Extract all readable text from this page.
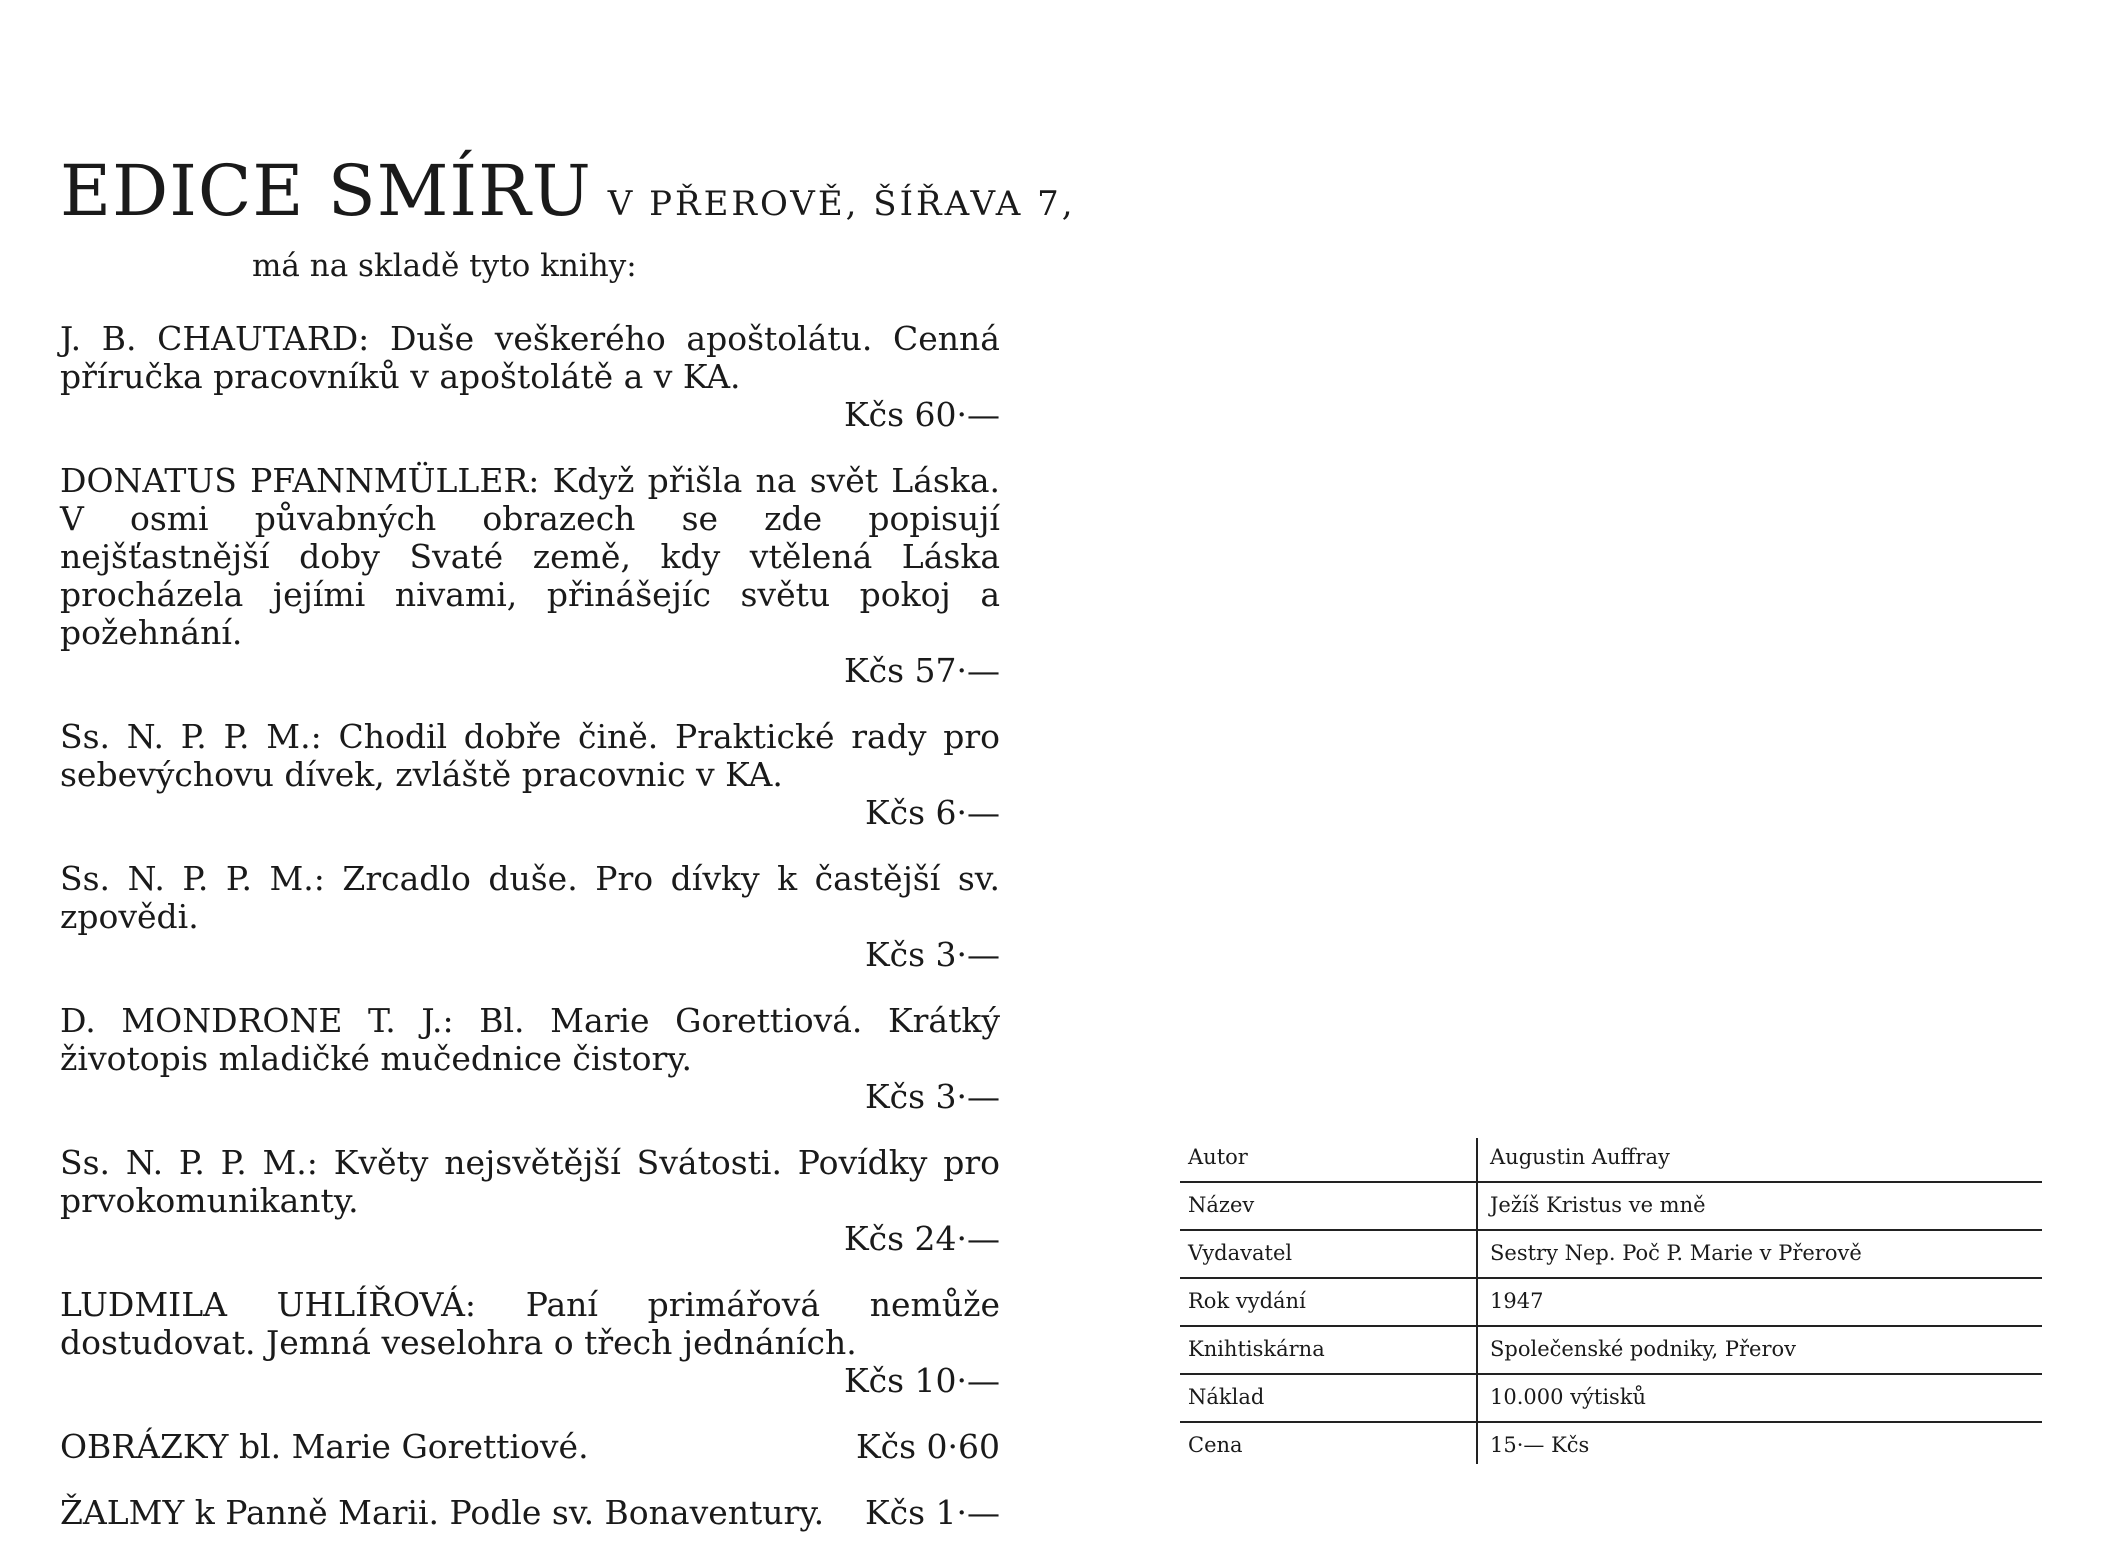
EDICE SMÍRU V PŘEROVĚ, ŠÍŘAVA 7,
má na skladě tyto knihy:
J. B. CHAUTARD: Duše veškerého apoštolátu. Cenná příručka pracovníků v apoštolátě a v KA.
Kčs 60·—
DONATUS PFANNMÜLLER: Když přišla na svět Láska. V osmi půvabných obrazech se zde popisují nejšťastnější doby Svaté země, kdy vtělená Láska procházela jejími nivami, přinášejíc světu pokoj a požehnání.
Kčs 57·—
Ss. N. P. P. M.: Chodil dobře čině. Praktické rady pro sebevýchovu dívek, zvláště pracovnic v KA.
Kčs 6·—
Ss. N. P. P. M.: Zrcadlo duše. Pro dívky k častější sv. zpovědi.
Kčs 3·—
D. MONDRONE T. J.: Bl. Marie Gorettiová. Krátký životopis mladičké mučednice čistory.
Kčs 3·—
Ss. N. P. P. M.: Květy nejsvětější Svátosti. Povídky pro prvokomunikanty.
Kčs 24·—
LUDMILA UHLÍŘOVÁ: Paní primářová nemůže dostudovat. Jemná veselohra o třech jednáních.
Kčs 10·—
OBRÁZKY bl. Marie Gorettiové.	Kčs 0·60
ŽALMY k Panně Marii. Podle sv. Bonaventury. Kčs 1·—
Autor	Augustin Auffray
Název	Ježíš Kristus ve mně
Vydavatel	Sestry Nep. Poč P. Marie v Přerově
Rok vydání	1947
Knihtiskárna	Společenské podniky, Přerov
Náklad	10.000 výtisků
Cena	15·— Kčs
